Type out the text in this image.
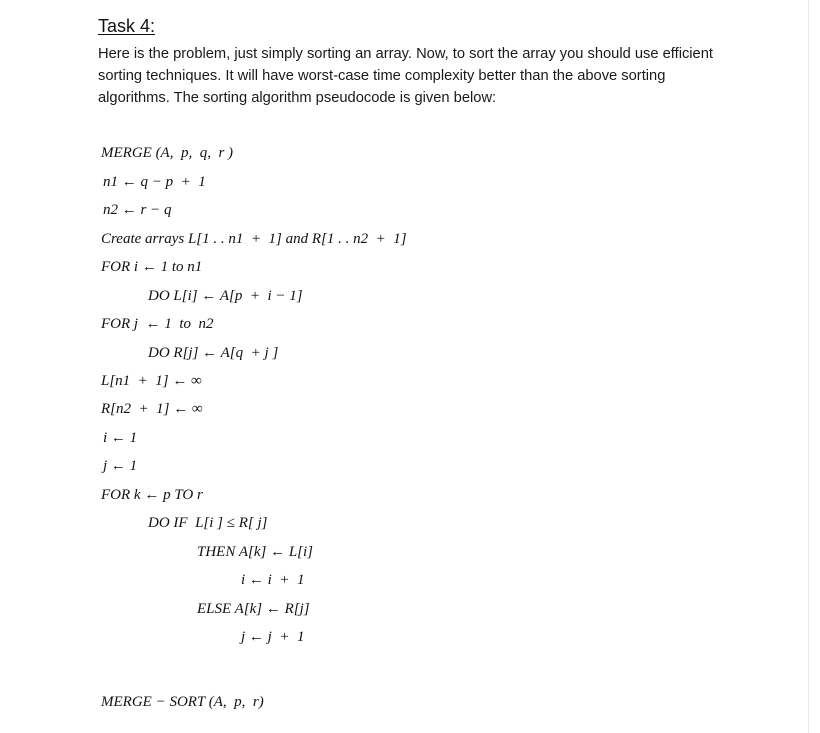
Task 4:
Here is the problem, just simply sorting an array. Now, to sort the array you should use efficient sorting techniques. It will have worst-case time complexity better than the above sorting algorithms. The sorting algorithm pseudocode is given below:
MERGE (A,  p,  q,  r )
n1 ← q − p  +  1
n2 ← r − q
Create arrays L[1 . . n1  +  1] and R[1 . . n2  +  1]
FOR i ← 1 to n1
DO L[i] ← A[p  +  i − 1]
FOR j  ← 1  to  n2
DO R[j] ← A[q  + j ]
L[n1  +  1] ← ∞
R[n2  +  1] ← ∞
i ← 1
j ← 1
FOR k ← p TO r
DO IF  L[i ] ≤ R[ j]
THEN A[k] ← L[i]
i ← i  +  1
ELSE A[k] ← R[j]
j ← j  +  1
MERGE − SORT (A,  p,  r)
